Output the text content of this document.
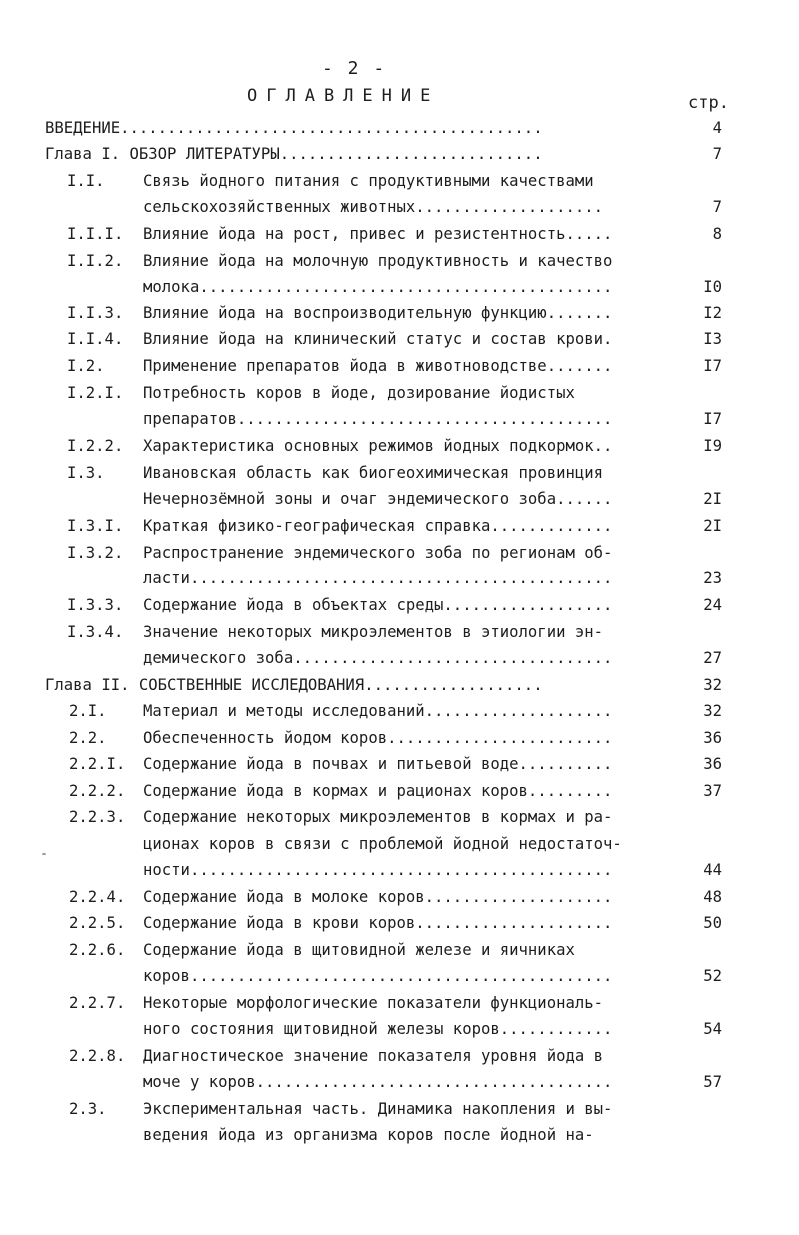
- 2 -
ОГЛАВЛЕНИЕ	стр.
ВВЕДЕНИЕ.............................................	4
Глава I. ОБЗОР ЛИТЕРАТУРЫ............................	7
I.I. Связь йодного питания с продуктивными качествами
сельскохозяйственных животных....................	7
I.I.I. Влияние йода на рост, привес и резистентность.....	8
I.I.2. Влияние йода на молочную продуктивность и качество
молока............................................	I0
I.I.3. Влияние йода на воспроизводительную функцию.......	I2
I.I.4. Влияние йода на клинический статус и состав крови.	I3
I.2. Применение препаратов йода в животноводстве.......	I7
I.2.I. Потребность коров в йоде, дозирование йодистых
препаратов........................................	I7
I.2.2. Характеристика основных режимов йодных подкормок..	I9
I.3. Ивановская область как биогеохимическая провинция
Нечернозёмной зоны и очаг эндемического зоба......	2I
I.3.I. Краткая физико-географическая справка.............	2I
I.3.2. Распространение эндемического зоба по регионам об-
ласти.............................................	23
I.3.3. Содержание йода в объектах среды..................	24
I.3.4. Значение некоторых микроэлементов в этиологии эн-
демического зоба..................................	27
Глава II. СОБСТВЕННЫЕ ИССЛЕДОВАНИЯ...................	32
2.I. Материал и методы исследований....................	32
2.2. Обеспеченность йодом коров........................	36
2.2.I. Содержание йода в почвах и питьевой воде..........	36
2.2.2. Содержание йода в кормах и рационах коров.........	37
2.2.3. Содержание некоторых микроэлементов в кормах и ра-
ционах коров в связи с проблемой йодной недостаточ-
ности.............................................	44
2.2.4. Содержание йода в молоке коров....................	48
2.2.5. Содержание йода в крови коров.....................	50
2.2.6. Содержание йода в щитовидной железе и яичниках
коров.............................................	52
2.2.7. Некоторые морфологические показатели функциональ-
ного состояния щитовидной железы коров............	54
2.2.8. Диагностическое значение показателя уровня йода в
моче у коров......................................	57
2.3. Экспериментальная часть. Динамика накопления и вы-
ведения йода из организма коров после йодной на-
